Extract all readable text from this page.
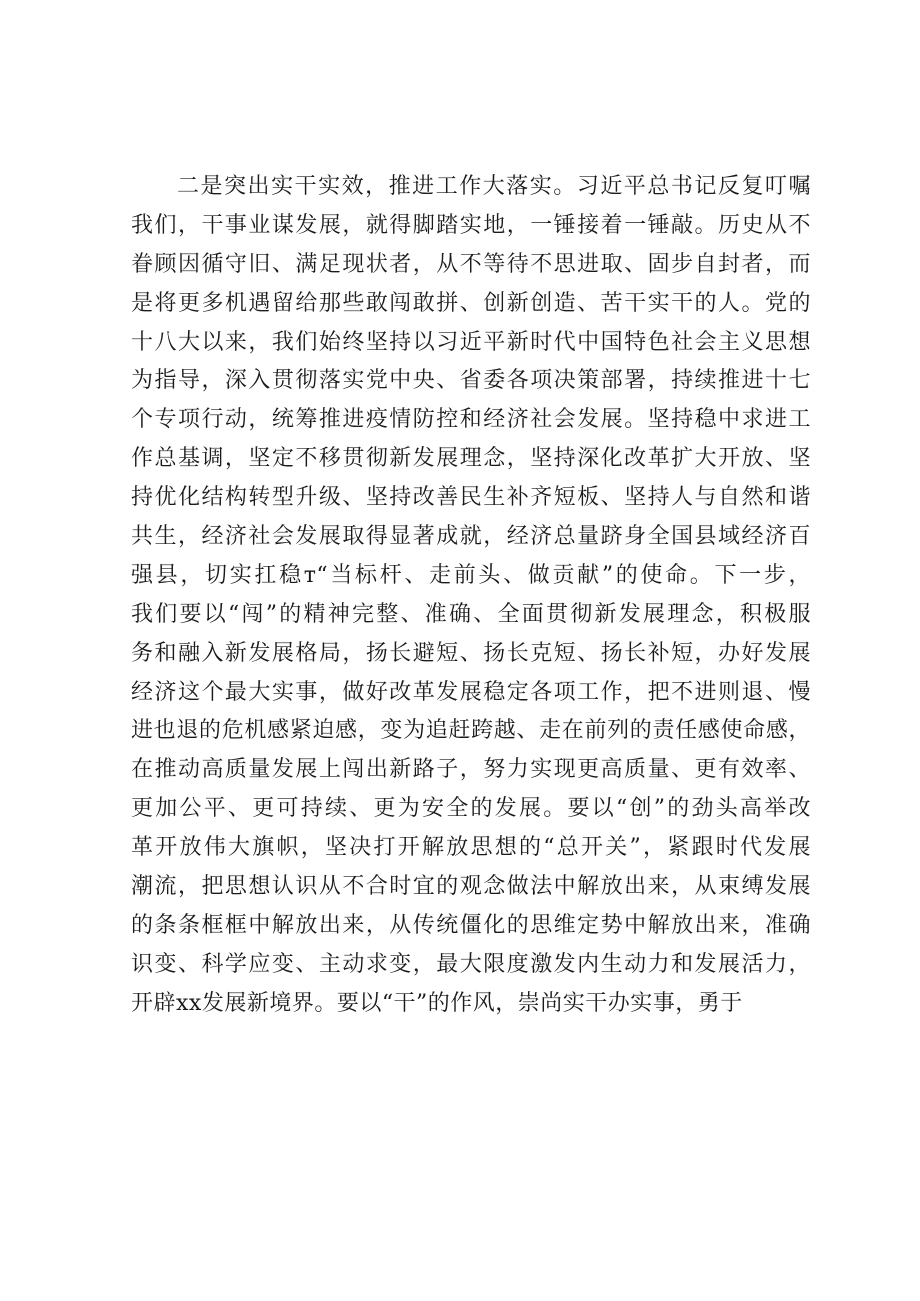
二是突出实干实效，推进工作大落实。习近平总书记反复叮嘱
我们，干事业谋发展，就得脚踏实地，一锤接着一锤敲。历史从不
眷顾因循守旧、满足现状者，从不等待不思进取、固步自封者，而
是将更多机遇留给那些敢闯敢拼、创新创造、苦干实干的人。党的
十八大以来，我们始终坚持以习近平新时代中国特色社会主义思想
为指导，深入贯彻落实党中央、省委各项决策部署，持续推进十七
个专项行动，统筹推进疫情防控和经济社会发展。坚持稳中求进工
作总基调，坚定不移贯彻新发展理念，坚持深化改革扩大开放、坚
持优化结构转型升级、坚持改善民生补齐短板、坚持人与自然和谐
共生，经济社会发展取得显著成就，经济总量跻身全国县域经济百
强县，切实扛稳т“当标杆、走前头、做贡献”的使命。下一步，
我们要以“闯”的精神完整、准确、全面贯彻新发展理念，积极服
务和融入新发展格局，扬长避短、扬长克短、扬长补短，办好发展
经济这个最大实事，做好改革发展稳定各项工作，把不进则退、慢
进也退的危机感紧迫感，变为追赶跨越、走在前列的责任感使命感，
在推动高质量发展上闯出新路子，努力实现更高质量、更有效率、
更加公平、更可持续、更为安全的发展。要以“创”的劲头高举改
革开放伟大旗帜，坚决打开解放思想的“总开关”，紧跟时代发展
潮流，把思想认识从不合时宜的观念做法中解放出来，从束缚发展
的条条框框中解放出来，从传统僵化的思维定势中解放出来，准确
识变、科学应变、主动求变，最大限度激发内生动力和发展活力，
开辟xx发展新境界。要以“干”的作风，崇尚实干办实事，勇于
